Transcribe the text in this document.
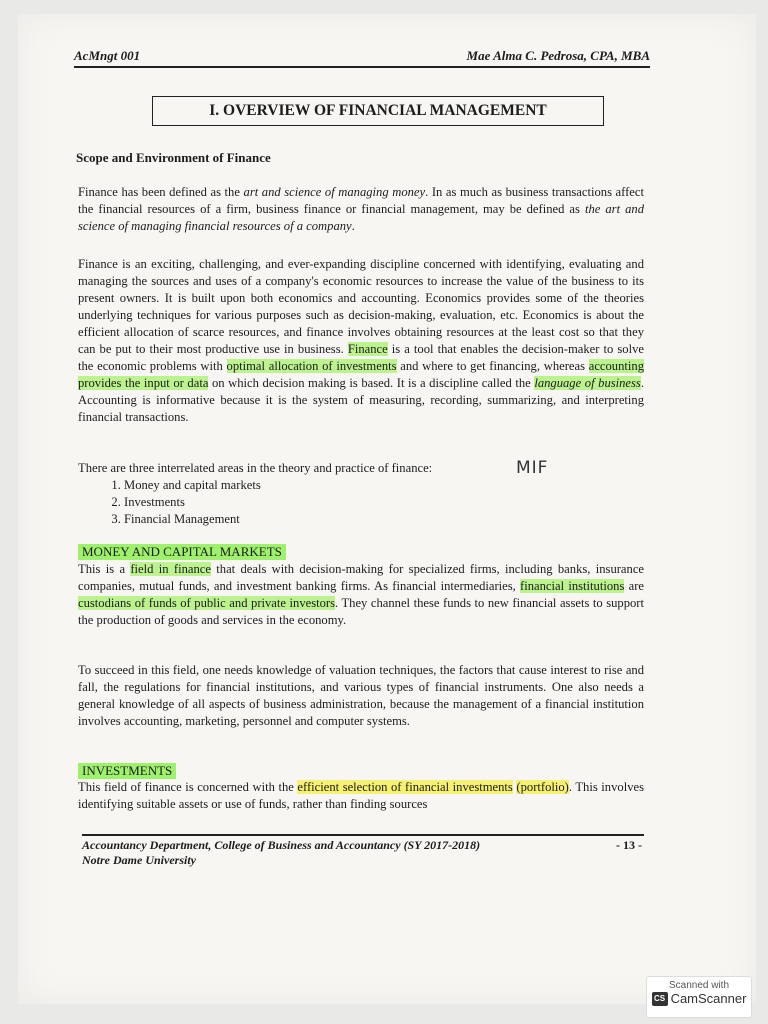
AcMngt 001	Mae Alma C. Pedrosa, CPA, MBA
I. OVERVIEW OF FINANCIAL MANAGEMENT
Scope and Environment of Finance

Finance has been defined as the art and science of managing money. In as much as business transactions affect the financial resources of a firm, business finance or financial management, may be defined as the art and science of managing financial resources of a company.

Finance is an exciting, challenging, and ever-expanding discipline concerned with identifying, evaluating and managing the sources and uses of a company's economic resources to increase the value of the business to its present owners. It is built upon both economics and accounting. Economics provides some of the theories underlying techniques for various purposes such as decision-making, evaluation, etc. Economics is about the efficient allocation of scarce resources, and finance involves obtaining resources at the least cost so that they can be put to their most productive use in business. Finance is a tool that enables the decision-maker to solve the economic problems with optimal allocation of investments and where to get financing, whereas accounting provides the input or data on which decision making is based. It is a discipline called the language of business. Accounting is informative because it is the system of measuring, recording, summarizing, and interpreting financial transactions.

There are three interrelated areas in the theory and practice of finance:	MIF
1. Money and capital markets
2. Investments
3. Financial Management
MONEY AND CAPITAL MARKETS

This is a field in finance that deals with decision-making for specialized firms, including banks, insurance companies, mutual funds, and investment banking firms. As financial intermediaries, financial institutions are custodians of funds of public and private investors. They channel these funds to new financial assets to support the production of goods and services in the economy.

To succeed in this field, one needs knowledge of valuation techniques, the factors that cause interest to rise and fall, the regulations for financial institutions, and various types of financial instruments. One also needs a general knowledge of all aspects of business administration, because the management of a financial institution involves accounting, marketing, personnel and computer systems.
INVESTMENTS

This field of finance is concerned with the efficient selection of financial investments (portfolio). This involves identifying suitable assets or use of funds, rather than finding sources

Accountancy Department, College of Business and Accountancy (SY 2017-2018)
Notre Dame University
- 13 -
Scanned with
CS CamScanner
